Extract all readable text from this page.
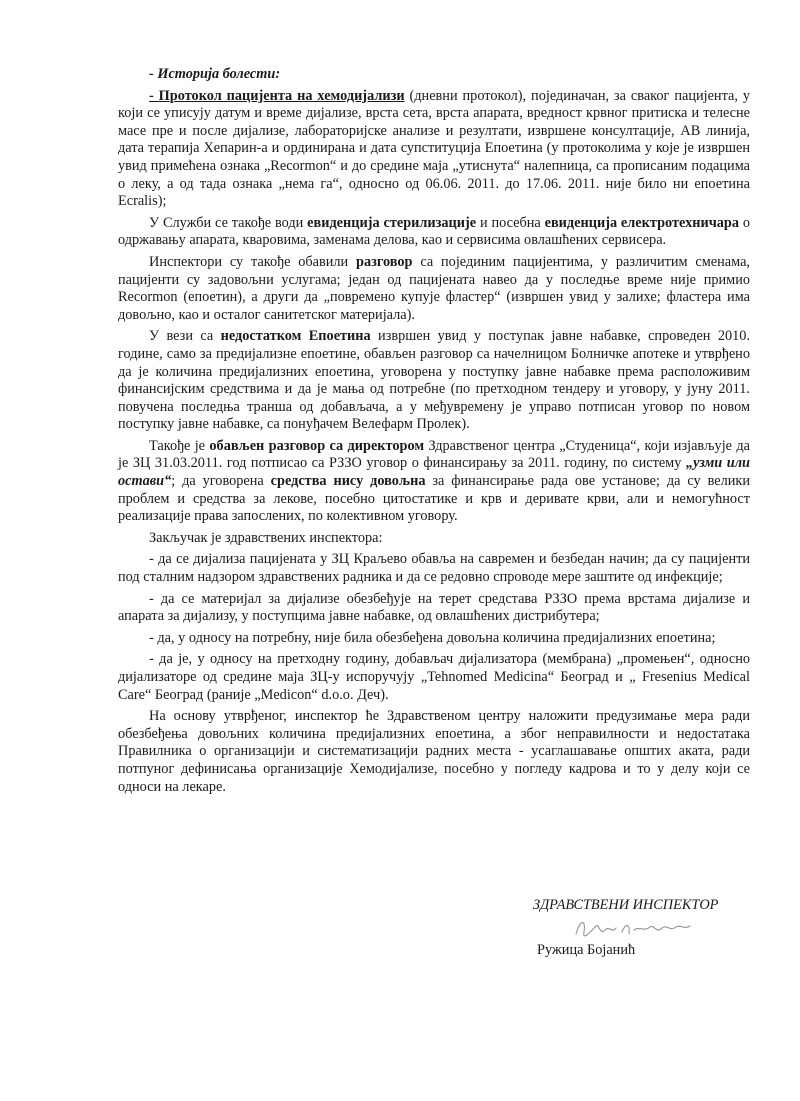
- Историја болести:

- Протокол пацијента на хемодијализи (дневни протокол), појединачан, за сваког пацијента, у који се уписују датум и време дијализе, врста сета, врста апарата, вредност крвног притиска и телесне масе пре и после дијализе, лабораторијске анализе и резултати, извршене консултације, АВ линија, дата терапија Хепарин-а и ординирана и дата супституција Епоетина (у протоколима у које је извршен увид примећена ознака „Recormon“ и до средине маја „утиснута“ налепница, са прописаним подацима о леку, а од тада ознака „нема га“, односно од 06.06. 2011. до 17.06. 2011. није било ни епоетина Ecralis);

У Служби се такође води евиденција стерилизације и посебна евиденција електротехничара о одржавању апарата, кваровима, заменама делова, као и сервисима овлашћених сервисера.

Инспектори су такође обавили разговор са појединим пацијентима, у различитим сменама, пацијенти су задовољни услугама; један од пацијената навео да у последње време није примио Recormon (епоетин), а други да „повремено купује фластер“ (извршен увид у залихе; фластера има довољно, као и осталог санитетског материјала).

У вези са недостатком Епоетина извршен увид у поступак јавне набавке, спроведен 2010. године, само за предијализне епоетине, обављен разговор са начелницом Болничке апотеке и утврђено да је количина предијализних епоетина, уговорена у поступку јавне набавке према расположивим финансијским средствима и да је мања од потребне (по претходном тендеру и уговору, у јуну 2011. повучена последња транша од добављача, а у међувремену је управо потписан уговор по новом поступку јавне набавке, са понуђачем Велефарм Пролек).

Такође је обављен разговор са директором Здравственог центра „Студеница“, који изјављује да је ЗЦ 31.03.2011. год потписао са РЗЗО уговор о финансирању за 2011. годину, по систему „узми или остави“; да уговорена средства нису довољна за финансирање рада ове установе; да су велики проблем и средства за лекове, посебно цитостатике и крв и деривате крви, али и немогућност реализације права запослених, по колективном уговору.

Закључак је здравствених инспектора:

- да се дијализа пацијената у ЗЦ Краљево обавља на савремен и безбедан начин; да су пацијенти под сталним надзором здравствених радника и да се редовно спроводе мере заштите од инфекције;

- да се материјал за дијализе обезбеђује на терет средстава РЗЗО према врстама дијализе и апарата за дијализу, у поступцима јавне набавке, од овлашћених дистрибутера;

- да, у односу на потребну, није била обезбеђена довољна количина предијализних епоетина;

- да је, у односу на претходну годину, добављач дијализатора (мембрана) „промењен“, односно дијализаторе од средине маја ЗЦ-у испоручују „Tehnomed Medicina“ Београд и „ Fresenius Medical Care“ Београд (раније „Medicon“ d.o.o. Деч).

На основу утврђеног, инспектор ће Здравственом центру наложити предузимање мера ради обезбеђења довољних количина предијализних епоетина, а због неправилности и недостатака Правилника о организацији и систематизацији радних места - усаглашавање општих аката, ради потпуног дефинисања организације Хемодијализе, посебно у погледу кадрова и то у делу који се односи на лекаре.

ЗДРАВСТВЕНИ ИНСПЕКТОР
Ружица Бојанић
